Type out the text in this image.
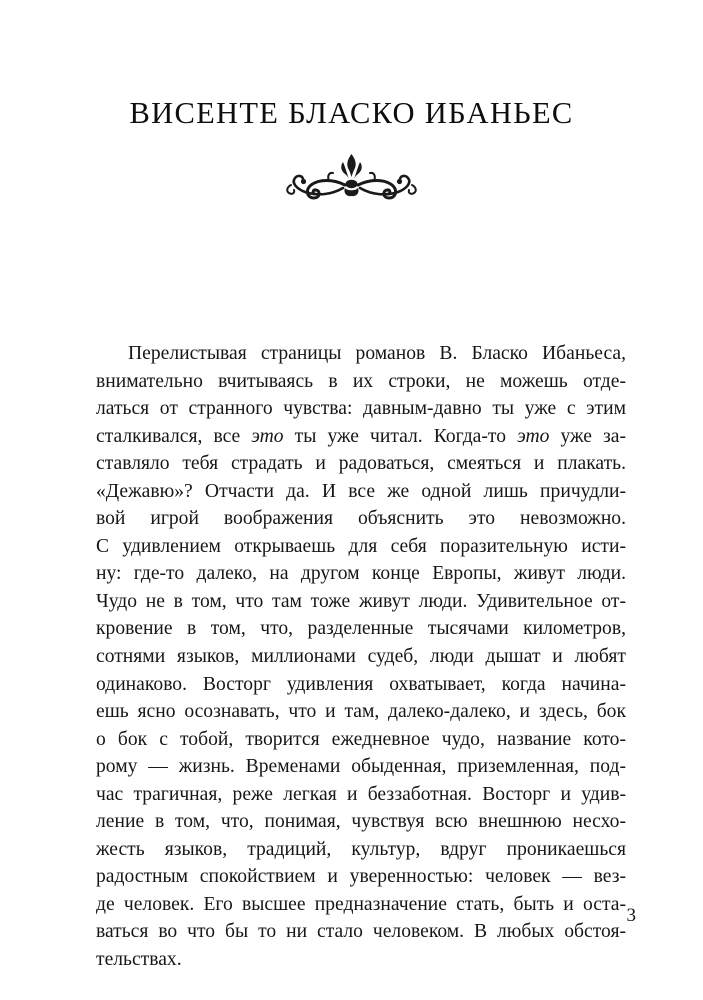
ВИСЕНТЕ БЛАСКО ИБАНЬЕС
Перелистывая страницы романов В. Бласко Ибаньеса,
внимательно вчитываясь в их строки, не можешь отде-
латься от странного чувства: давным-давно ты уже с этим
сталкивался, все это ты уже читал. Когда-то это уже за-
ставляло тебя страдать и радоваться, смеяться и плакать.
«Дежавю»? Отчасти да. И все же одной лишь причудли-
вой игрой воображения объяснить это невозможно.
С удивлением открываешь для себя поразительную исти-
ну: где-то далеко, на другом конце Европы, живут люди.
Чудо не в том, что там тоже живут люди. Удивительное от-
кровение в том, что, разделенные тысячами километров,
сотнями языков, миллионами судеб, люди дышат и любят
одинаково. Восторг удивления охватывает, когда начина-
ешь ясно осознавать, что и там, далеко-далеко, и здесь, бок
о бок с тобой, творится ежедневное чудо, название кото-
рому — жизнь. Временами обыденная, приземленная, под-
час трагичная, реже легкая и беззаботная. Восторг и удив-
ление в том, что, понимая, чувствуя всю внешнюю несхо-
жесть языков, традиций, культур, вдруг проникаешься
радостным спокойствием и уверенностью: человек — вез-
де человек. Его высшее предназначение стать, быть и оста-
ваться во что бы то ни стало человеком. В любых обстоя-
тельствах.
3
